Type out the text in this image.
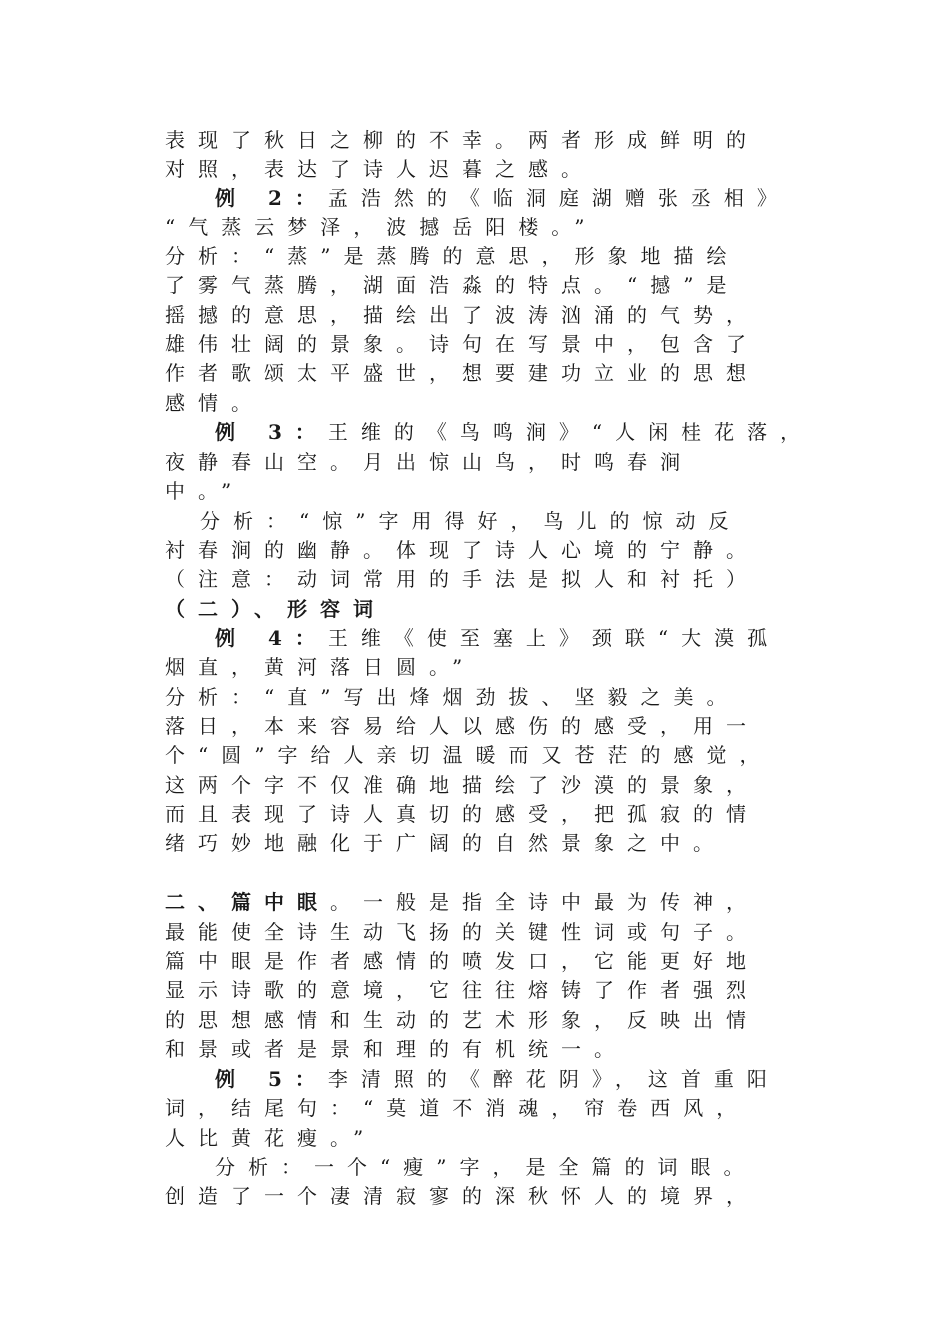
表现了秋日之柳的不幸。两者形成鲜明的
对照，表达了诗人迟暮之感。
例 2：孟浩然的《临洞庭湖赠张丞相》
“气蒸云梦泽，波撼岳阳楼。”
分析：“蒸”是蒸腾的意思，形象地描绘
了雾气蒸腾，湖面浩淼的特点。“撼”是
摇撼的意思，描绘出了波涛汹涌的气势，
雄伟壮阔的景象。诗句在写景中，包含了
作者歌颂太平盛世，想要建功立业的思想
感情。
例 3：王维的《鸟鸣涧》“人闲桂花落，
夜静春山空。月出惊山鸟，时鸣春涧
中。”
分析：“惊”字用得好，鸟儿的惊动反
衬春涧的幽静。体现了诗人心境的宁静。
（注意：动词常用的手法是拟人和衬托）
（二）、形容词
例 4：王维《使至塞上》颈联“大漠孤
烟直，黄河落日圆。”
分析：“直”写出烽烟劲拔、坚毅之美。
落日，本来容易给人以感伤的感受，用一
个“圆”字给人亲切温暖而又苍茫的感觉，
这两个字不仅准确地描绘了沙漠的景象，
而且表现了诗人真切的感受，把孤寂的情
绪巧妙地融化于广阔的自然景象之中。
二、篇中眼。一般是指全诗中最为传神，
最能使全诗生动飞扬的关键性词或句子。
篇中眼是作者感情的喷发口，它能更好地
显示诗歌的意境，它往往熔铸了作者强烈
的思想感情和生动的艺术形象，反映出情
和景或者是景和理的有机统一。
例 5：李清照的《醉花阴》，这首重阳
词，结尾句：“莫道不消魂，帘卷西风，
人比黄花瘦。”
分析：一个“瘦”字，是全篇的词眼。
创造了一个凄清寂寥的深秋怀人的境界，
